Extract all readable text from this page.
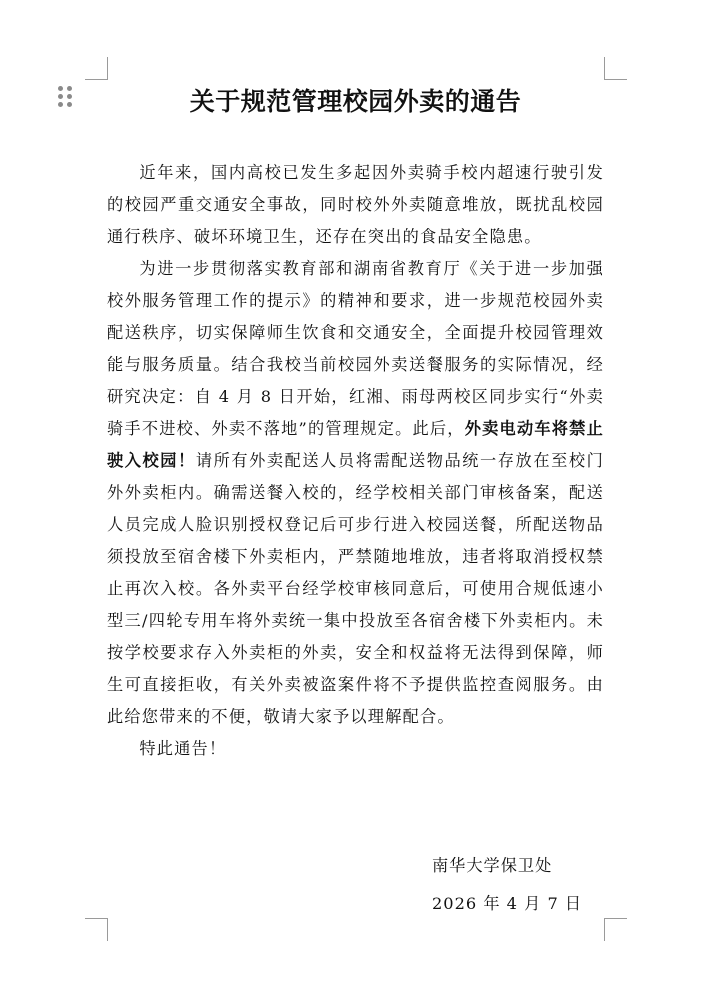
关于规范管理校园外卖的通告

近年来，国内高校已发生多起因外卖骑手校内超速行驶引发的校园严重交通安全事故，同时校外外卖随意堆放，既扰乱校园通行秩序、破坏环境卫生，还存在突出的食品安全隐患。

为进一步贯彻落实教育部和湖南省教育厅《关于进一步加强校外服务管理工作的提示》的精神和要求，进一步规范校园外卖配送秩序，切实保障师生饮食和交通安全，全面提升校园管理效能与服务质量。结合我校当前校园外卖送餐服务的实际情况，经研究决定：自 4 月 8 日开始，红湘、雨母两校区同步实行“外卖骑手不进校、外卖不落地”的管理规定。此后，外卖电动车将禁止驶入校园！请所有外卖配送人员将需配送物品统一存放在至校门外外卖柜内。确需送餐入校的，经学校相关部门审核备案，配送人员完成人脸识别授权登记后可步行进入校园送餐，所配送物品须投放至宿舍楼下外卖柜内，严禁随地堆放，违者将取消授权禁止再次入校。各外卖平台经学校审核同意后，可使用合规低速小型三/四轮专用车将外卖统一集中投放至各宿舍楼下外卖柜内。未按学校要求存入外卖柜的外卖，安全和权益将无法得到保障，师生可直接拒收，有关外卖被盗案件将不予提供监控查阅服务。由此给您带来的不便，敬请大家予以理解配合。

特此通告！

南华大学保卫处
2026 年 4 月 7 日
